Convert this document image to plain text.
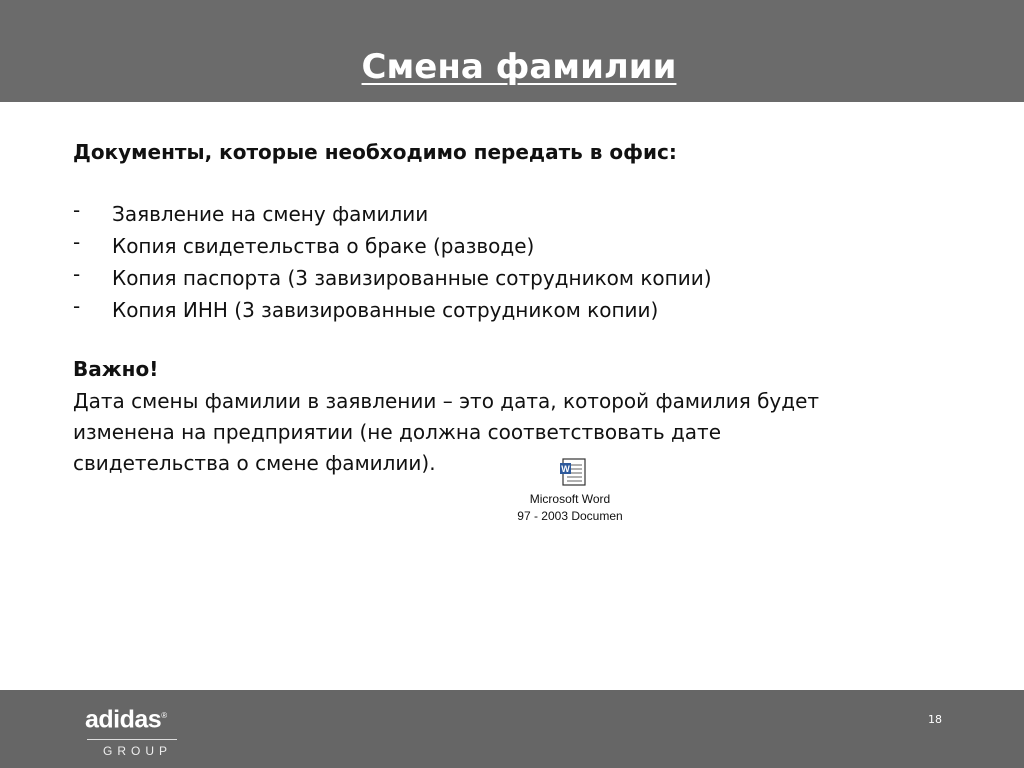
Смена фамилии

Документы, которые необходимо передать в офис:

- Заявление на смену фамилии
- Копия свидетельства о браке (разводе)
- Копия паспорта (3 завизированные сотрудником копии)
- Копия ИНН (3 завизированные сотрудником копии)

Важно!

Дата смены фамилии в заявлении – это дата, которой фамилия будет
изменена на предприятии (не должна соответствовать дате
свидетельства о смене фамилии).	W
Microsoft Word
97 - 2003 Documen
adidas®
GROUP
18
